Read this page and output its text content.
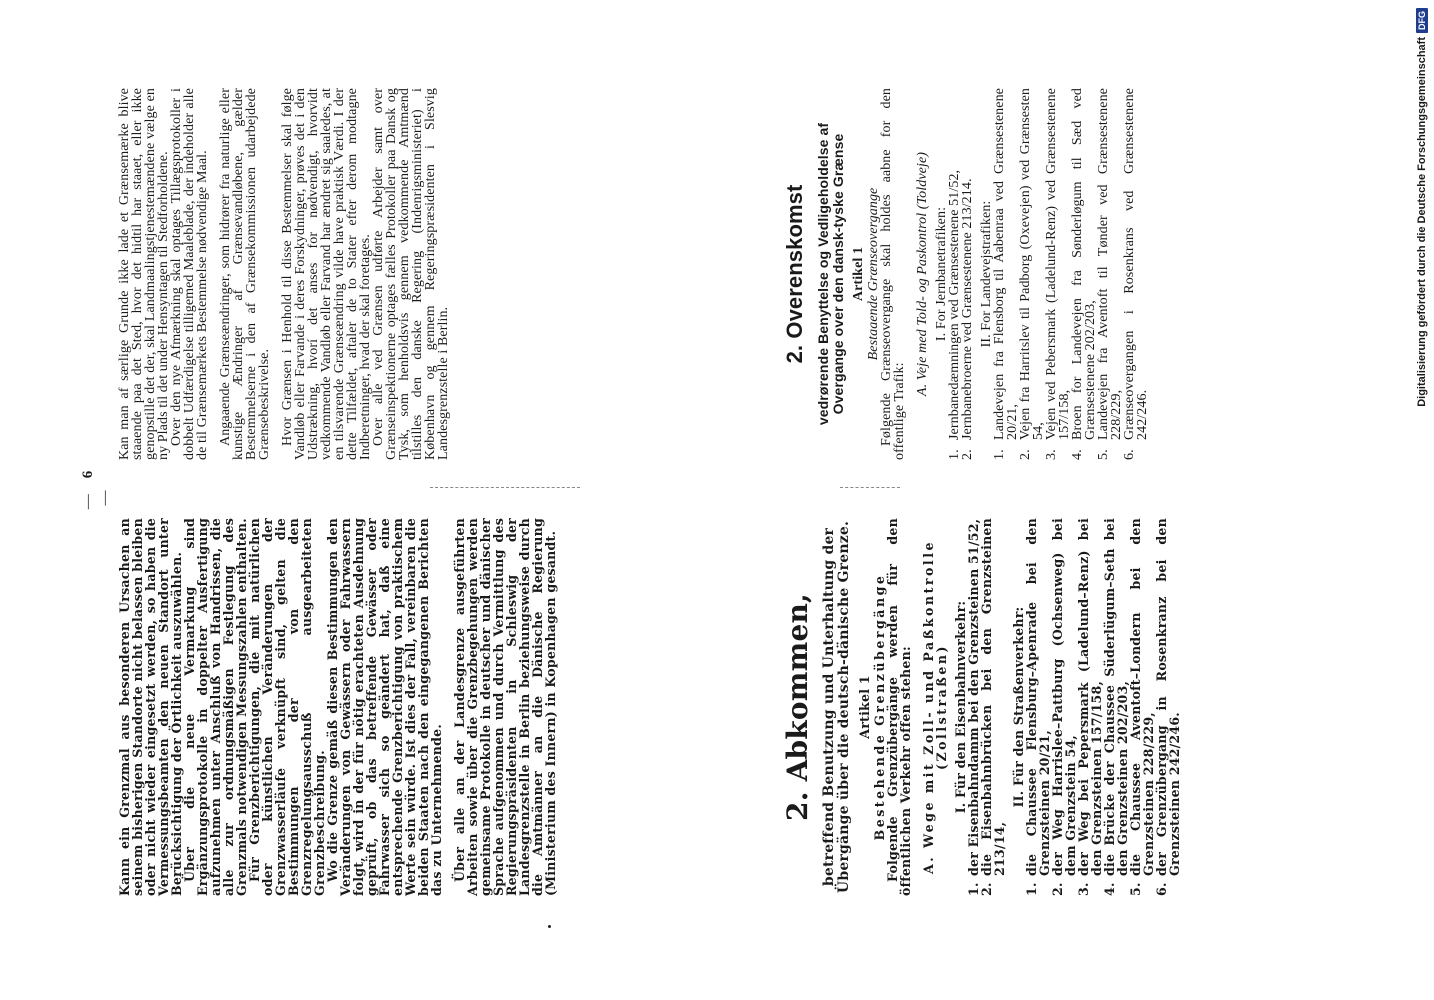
—6—

Kann ein Grenzmal aus besonderen Ursachen an seinem bisherigen Standorte nicht belassen bleiben oder nicht wieder eingesetzt werden, so haben die Vermessungsbeamten den neuen Standort unter Berücksichtigung der Örtlichkeit auszuwählen.

Über die neue Vermarkung sind Ergänzungsprotokolle in doppelter Ausfertigung aufzunehmen unter Anschluß von Handrissen, die alle zur ordnungsmäßigen Festlegung des Grenzmals notwendigen Messungszahlen enthalten.

Für Grenzberichtigungen, die mit natürlichen oder künstlichen Veränderungen der Grenzwasserläufe verknüpft sind, gelten die Bestimmungen der von den Grenzregelungsausschuß ausgearbeiteten Grenzbeschreibung.

Wo die Grenze gemäß diesen Bestimmungen den Veränderungen von Gewässern oder Fahrwassern folgt, wird in der für nötig erachteten Ausdehnung geprüft, ob das betreffende Gewässer oder Fahrwasser sich so geändert hat, daß eine entsprechende Grenzberichtigung von praktischem Werte sein würde. Ist dies der Fall, vereinbaren die beiden Staaten nach den eingegangenen Berichten das zu Unternehmende. Über alle an der Landesgrenze ausgeführten Arbeiten sowie über die Grenzbegehungen werden gemeinsame Protokolle in deutscher und dänischer Sprache aufgenommen und durch Vermittlung des Regierungspräsidenten in Schleswig der Landesgrenzstelle in Berlin beziehungsweise durch die Amtmänner an die Dänische Regierung (Ministerium des Innern) in Kopenhagen gesandt.

Kan man af særlige Grunde ikke lade et Grænsemærke blive staaende paa det Sted, hvor det hidtil har staaet, eller ikke genopstille det der, skal Landmaalingstjenestemændene vælge en ny Plads til det under Hensyntagen til Stedforholdene.

Over den nye Afmærkning skal optages Tillægsprotokoller i dobbelt Udfærdigelse tilligemed Maaleblade, der indeholder alle de til Grænsemærkets Bestemmelse nødvendige Maal. Angaaende Grænseændringer, som hidrører fra naturlige eller kunstige Ændringer af Grænsevandløbene, gælder Bestemmelserne i den af Grænsekommissionen udarbejdede Grænsebeskrivelse. Hvor Grænsen i Henhold til disse Bestemmelser skal følge Vandløb eller Farvande i deres Forskydninger, prøves det i den Udstrækning, hvorí det anses for nødvendigt, hvorvidt vedkommende Vandløb eller Farvand har ændret sig saaledes, at en tilsvarende Grænseændring vilde have praktisk Værdi. I der dette Tilfældet, aftaler de to Stater efter derom modtagne Indberetninger, hvad der skal foretages.

Over alle ved Grænsen udførte Arbejder samt over Grænseinspektionerne optages fælles Protokoller paa Dansk og Tysk, som henholdsvis gennem vedkommende Amtmænd tilstilles den danske Regering (Indenrigsministeriet) i København og gennem Regeringspræsidenten i Slesvig Landesgrenzstelle i Berlin.

2. Abkommen, betreffend Benutzung und Unterhaltung der Übergänge über die deutsch-dänische Grenze. Artikel 1 Bestehende Grenzübergänge

Folgende Grenzübergänge werden für den öffentlichen Verkehr offen stehen: A. Wege mit Zoll- und Paßkontrolle (Zollstraßen) I. Für den Eisenbahnverkehr:
1.
der Eisenbahndamm bei den Grenzsteinen 51/52,
2.
die Eisenbahnbrücken bei den Grenzsteinen 213/14,
II. Für den Straßenverkehr:
1.
die Chaussee Flensburg–Apenrade bei den Grenzsteinen 20/21,
2.
der Weg Harrislee–Pattburg (Ochsenweg) bei dem Grenzstein 54,
3.
der Weg bei Pepersmark (Ladelund–Renz) bei den Grenzsteinen 157/158,
4.
die Brücke der Chaussee Süderlügum–Seth bei den Grenzsteinen 202/203,
5.
die Chaussee Aventoft–Londern bei den Grenzsteinen 228/229,
6.
der Grenzübergang in Rosenkranz bei den Grenzsteinen 242/246.
2. Overenskomst vedrørende Benyttelse og Vedligeholdelse af Overgange over den dansk-tyske Grænse Artikel 1 Bestaaende Grænseovergange

Følgende Grænseovergange skal holdes aabne for den offentlige Trafik:

A. Veje med Told- og Paskontrol (Toldveje) I. For Jernbanetrafiken:
1.
Jernbanedæmningen ved Grænsestenene 51/52,
2.
Jernbanebroerne ved Grænsestenene 213/214. II. For Landevejstrafiken:
1.
Landevejen fra Flensborg til Aabenraa ved Grænsestenene 20/21,
2.
Vejen fra Harritslev til Padborg (Oxevejen) ved Grænsesten 54,
3.
Vejen ved Pebersmark (Ladelund-Renz) ved Grænsestenene 157/158,
4.
Broen for Landevejen fra Sønderløgum til Sæd ved Grænsestenene 202/203,
5.
Landevejen fra Aventoft til Tønder ved Grænsestenene 228/229,
6.
Grænseovergangen i Rosenkrans ved Grænsestenene 242/246.
Digitalisierung gefördert durch die Deutsche Forschungsgemeinschaft
DFG
